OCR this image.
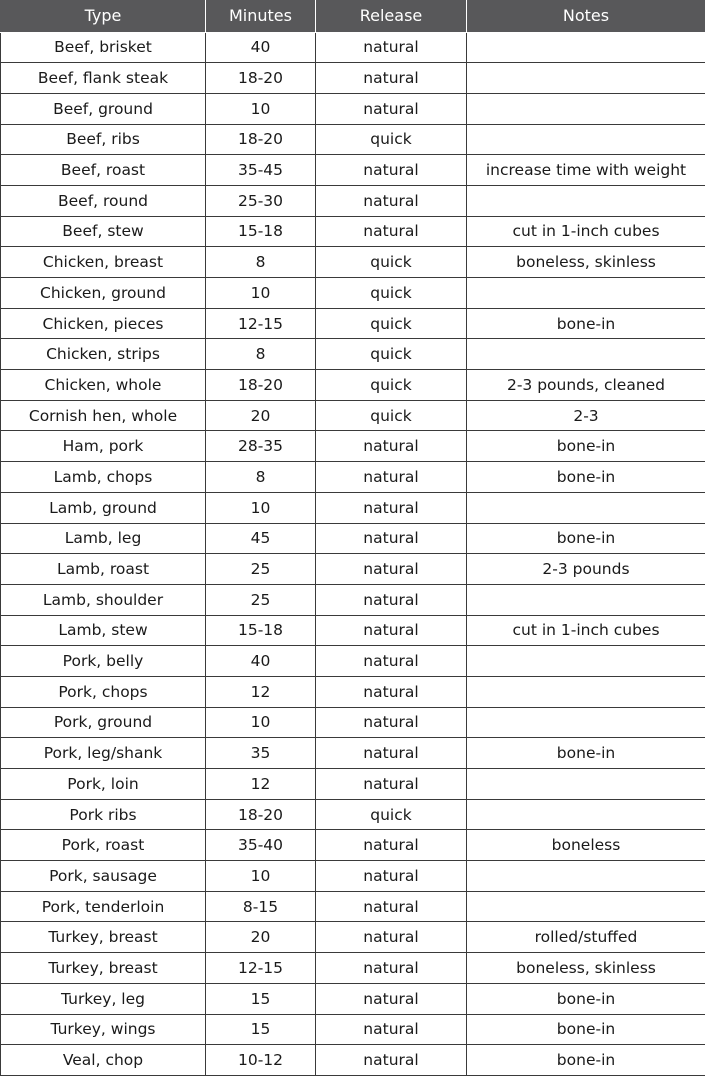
Type	Minutes	Release	Notes
Beef, brisket	40	natural	
Beef, flank steak	18-20	natural	
Beef, ground	10	natural	
Beef, ribs	18-20	quick	
Beef, roast	35-45	natural	increase time with weight
Beef, round	25-30	natural	
Beef, stew	15-18	natural	cut in 1-inch cubes
Chicken, breast	8	quick	boneless, skinless
Chicken, ground	10	quick	
Chicken, pieces	12-15	quick	bone-in
Chicken, strips	8	quick	
Chicken, whole	18-20	quick	2-3 pounds, cleaned
Cornish hen, whole	20	quick	2-3
Ham, pork	28-35	natural	bone-in
Lamb, chops	8	natural	bone-in
Lamb, ground	10	natural	
Lamb, leg	45	natural	bone-in
Lamb, roast	25	natural	2-3 pounds
Lamb, shoulder	25	natural	
Lamb, stew	15-18	natural	cut in 1-inch cubes
Pork, belly	40	natural	
Pork, chops	12	natural	
Pork, ground	10	natural	
Pork, leg/shank	35	natural	bone-in
Pork, loin	12	natural	
Pork ribs	18-20	quick	
Pork, roast	35-40	natural	boneless
Pork, sausage	10	natural	
Pork, tenderloin	8-15	natural	
Turkey, breast	20	natural	rolled/stuffed
Turkey, breast	12-15	natural	boneless, skinless
Turkey, leg	15	natural	bone-in
Turkey, wings	15	natural	bone-in
Veal, chop	10-12	natural	bone-in
